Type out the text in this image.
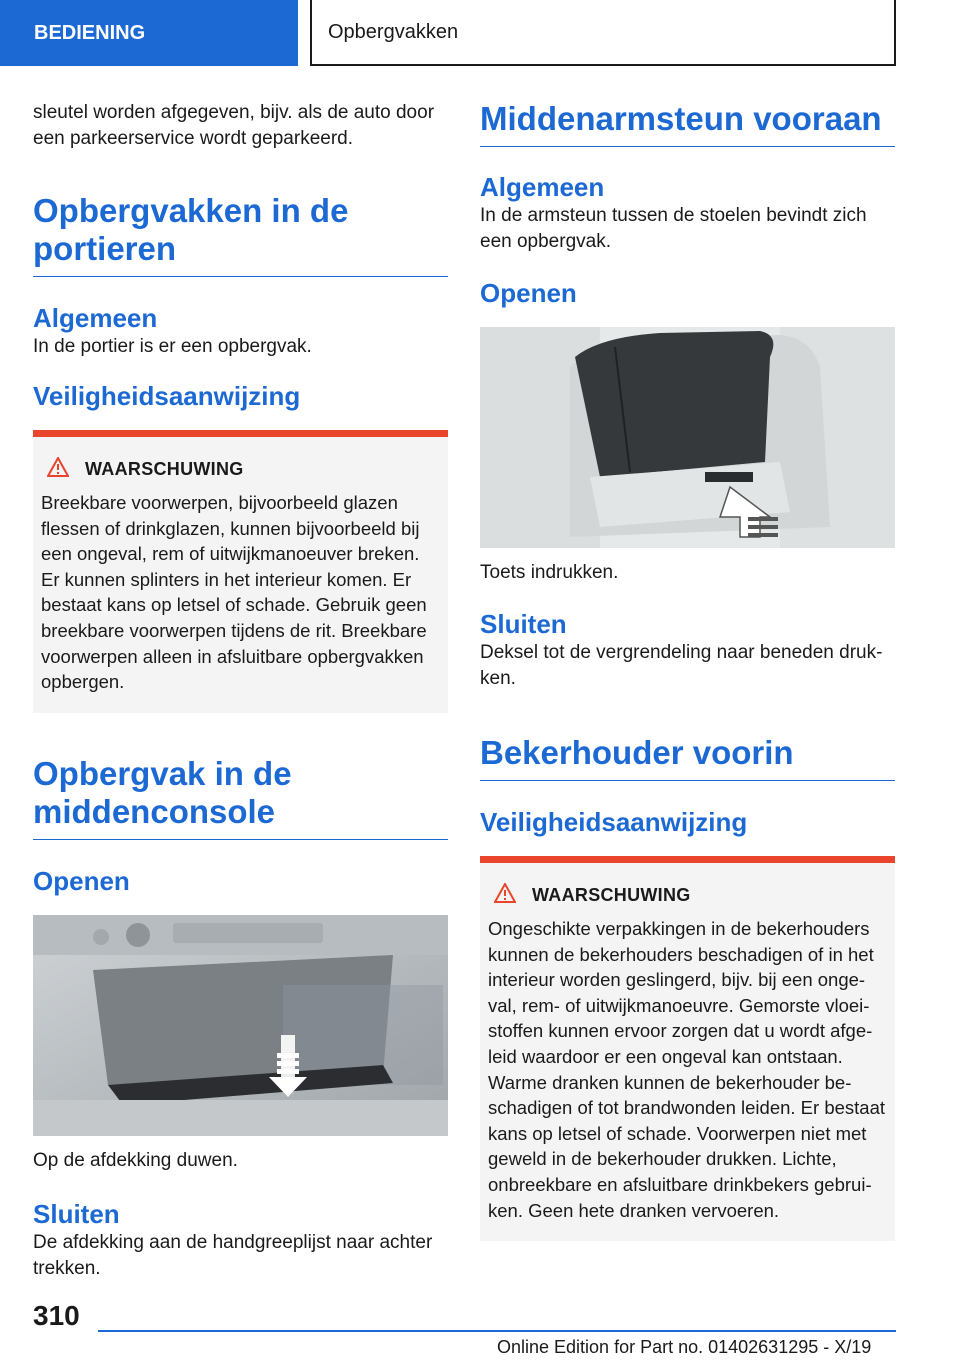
BEDIENING	Opbergvakken

sleutel worden afgegeven, bijv. als de auto door een parkeerservice wordt geparkeerd.

Opbergvakken in de portieren
Algemeen

In de portier is er een opbergvak.

Veiligheidsaanwijzing
WAARSCHUWING

Breekbare voorwerpen, bijvoorbeeld glazen flessen of drinkglazen, kunnen bijvoorbeeld bij een ongeval, rem of uitwijkmanoeuver breken. Er kunnen splinters in het interieur komen. Er bestaat kans op letsel of schade. Gebruik geen breekbare voorwerpen tijdens de rit. Breekbare voorwerpen alleen in afsluitbare opbergvakken opbergen.

Opbergvak in de middenconsole
Openen

Op de afdekking duwen.

Sluiten

De afdekking aan de handgreeplijst naar achter trekken.

Middenarmsteun vooraan
Algemeen

In de armsteun tussen de stoelen bevindt zich een opbergvak.

Openen

Toets indrukken.

Sluiten

Deksel tot de vergrendeling naar beneden drukken.

Bekerhouder voorin
Veiligheidsaanwijzing
WAARSCHUWING

Ongeschikte verpakkingen in de bekerhouders kunnen de bekerhouders beschadigen of in het interieur worden geslingerd, bijv. bij een ongeval, rem- of uitwijkmanoeuvre. Gemorste vloeistoffen kunnen ervoor zorgen dat u wordt afgeleid waardoor er een ongeval kan ontstaan. Warme dranken kunnen de bekerhouder beschadigen of tot brandwonden leiden. Er bestaat kans op letsel of schade. Voorwerpen niet met geweld in de bekerhouder drukken. Lichte, onbreekbare en afsluitbare drinkbekers gebruiken. Geen hete dranken vervoeren.

310
Online Edition for Part no. 01402631295 - X/19
